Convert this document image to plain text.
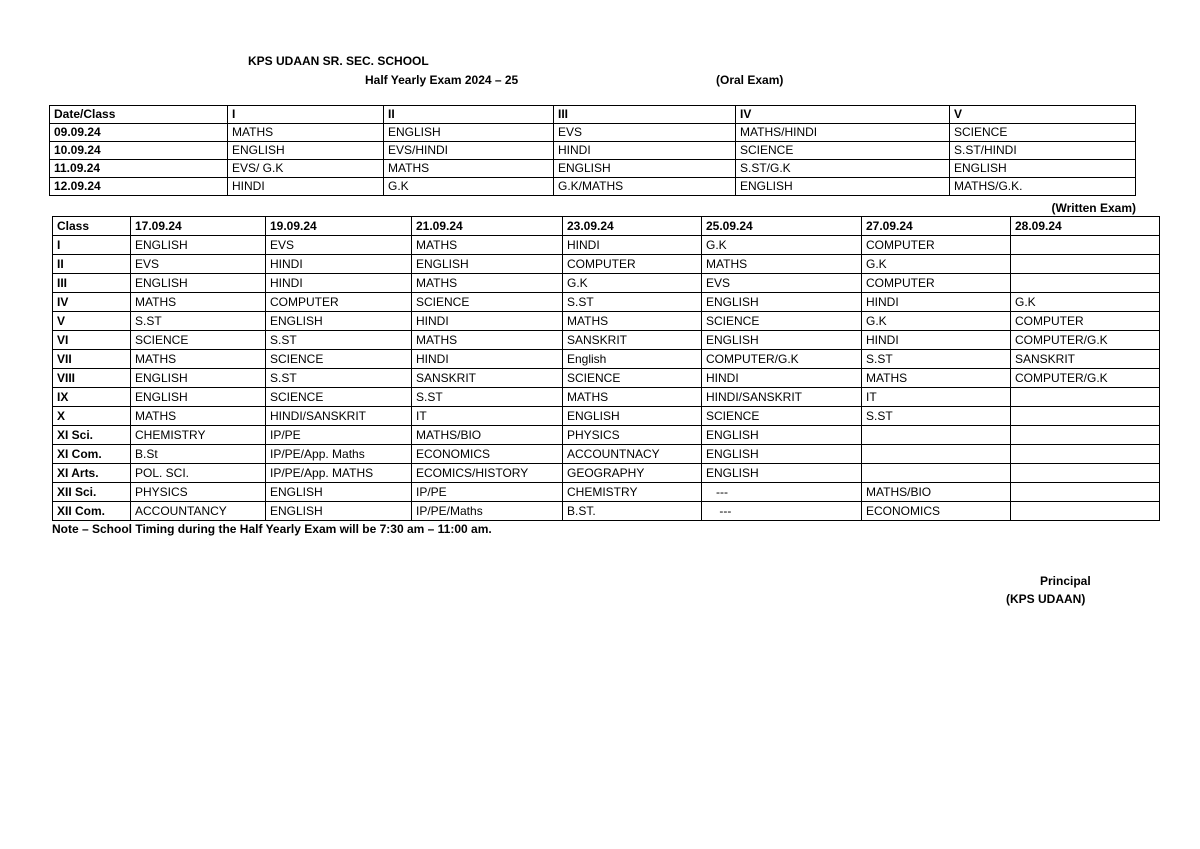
KPS UDAAN SR. SEC. SCHOOL
Half Yearly Exam 2024 – 25	(Oral Exam)
Date/Class	I	II	III	IV	V
09.09.24	MATHS	ENGLISH	EVS	MATHS/HINDI	SCIENCE
10.09.24	ENGLISH	EVS/HINDI	HINDI	SCIENCE	S.ST/HINDI
11.09.24	EVS/ G.K	MATHS	ENGLISH	S.ST/G.K	ENGLISH
12.09.24	HINDI	G.K	G.K/MATHS	ENGLISH	MATHS/G.K.
(Written Exam)
Class	17.09.24	19.09.24	21.09.24	23.09.24	25.09.24	27.09.24	28.09.24
I	ENGLISH	EVS	MATHS	HINDI	G.K	COMPUTER	
II	EVS	HINDI	ENGLISH	COMPUTER	MATHS	G.K	
III	ENGLISH	HINDI	MATHS	G.K	EVS	COMPUTER	
IV	MATHS	COMPUTER	SCIENCE	S.ST	ENGLISH	HINDI	G.K
V	S.ST	ENGLISH	HINDI	MATHS	SCIENCE	G.K	COMPUTER
VI	SCIENCE	S.ST	MATHS	SANSKRIT	ENGLISH	HINDI	COMPUTER/G.K
VII	MATHS	SCIENCE	HINDI	English	COMPUTER/G.K	S.ST	SANSKRIT
VIII	ENGLISH	S.ST	SANSKRIT	SCIENCE	HINDI	MATHS	COMPUTER/G.K
IX	ENGLISH	SCIENCE	S.ST	MATHS	HINDI/SANSKRIT	IT	
X	MATHS	HINDI/SANSKRIT	IT	ENGLISH	SCIENCE	S.ST	
XI Sci.	CHEMISTRY	IP/PE	MATHS/BIO	PHYSICS	ENGLISH		
XI Com.	B.St	IP/PE/App. Maths	ECONOMICS	ACCOUNTNACY	ENGLISH		
XI Arts.	POL. SCI.	IP/PE/App. MATHS	ECOMICS/HISTORY	GEOGRAPHY	ENGLISH		
XII Sci.	PHYSICS	ENGLISH	IP/PE	CHEMISTRY	---	MATHS/BIO	
XII Com.	ACCOUNTANCY	ENGLISH	IP/PE/Maths	B.ST.	---	ECONOMICS	
Note – School Timing during the Half Yearly Exam will be 7:30 am – 11:00 am.
Principal
(KPS UDAAN)
